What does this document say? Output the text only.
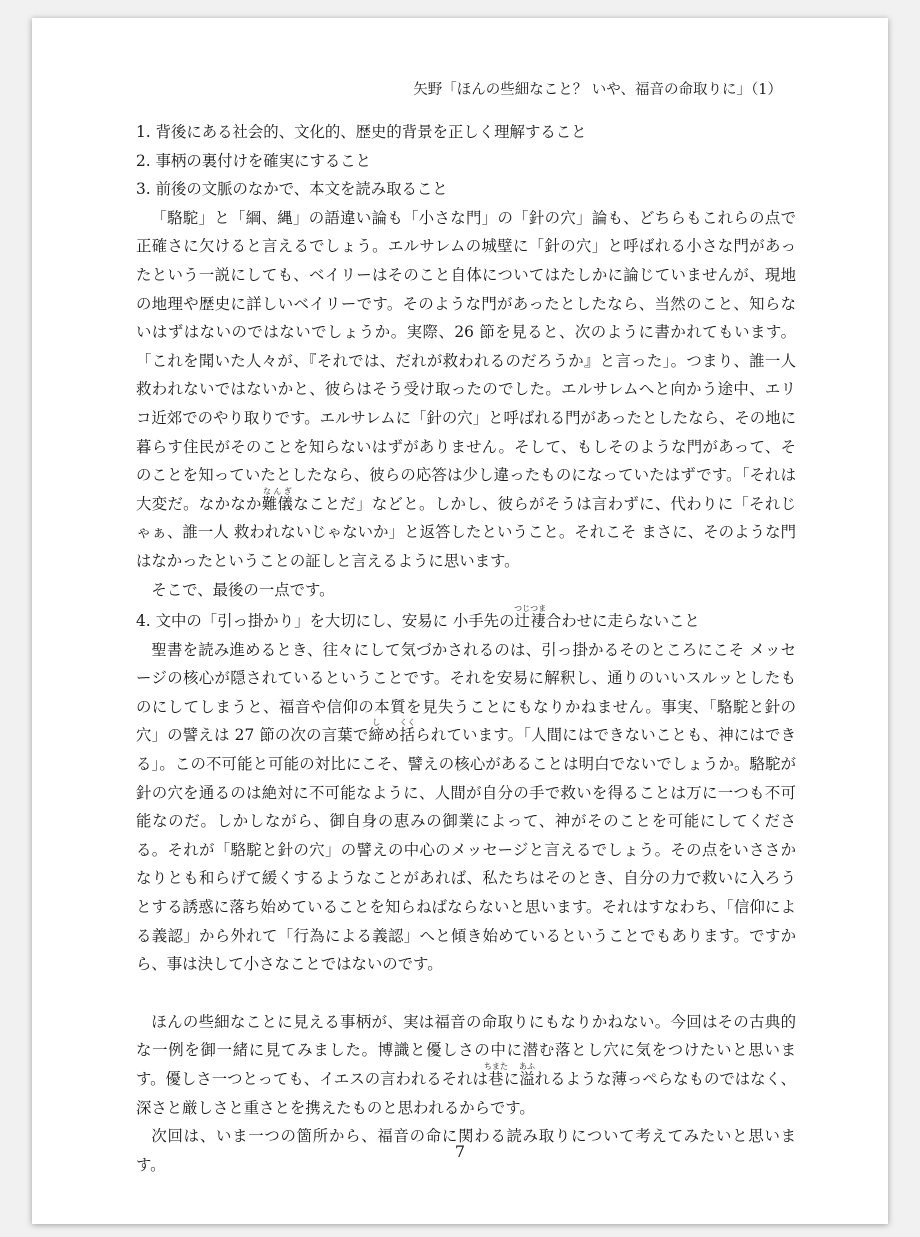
矢野「ほんの些細なこと？ いや、福音の命取りに」（1）

1. 背後にある社会的、文化的、歴史的背景を正しく理解すること

2. 事柄の裏付けを確実にすること

3. 前後の文脈のなかで、本文を読み取ること

「駱駝」と「綱、縄」の語違い論も「小さな門」の「針の穴」論も、どちらもこれらの点で正確さに欠けると言えるでしょう。エルサレムの城壁に「針の穴」と呼ばれる小さな門があったという一説にしても、ベイリーはそのこと自体についてはたしかに論じていませんが、現地の地理や歴史に詳しいベイリーです。そのような門があったとしたなら、当然のこと、知らないはずはないのではないでしょうか。実際、26 節を見ると、次のように書かれてもいます。「これを聞いた人々が、『それでは、だれが救われるのだろうか』と言った」。つまり、誰一人 救われないではないかと、彼らはそう受け取ったのでした。エルサレムへと向かう途中、エリコ近郊でのやり取りです。エルサレムに「針の穴」と呼ばれる門があったとしたなら、その地に暮らす住民がそのことを知らないはずがありません。そして、もしそのような門があって、そのことを知っていたとしたなら、彼らの応答は少し違ったものになっていたはずです。「それは大変だ。なかなか難儀なんぎなことだ」などと。しかし、彼らがそうは言わずに、代わりに「それじゃぁ、誰一人 救われないじゃないか」と返答したということ。それこそ まさに、そのような門はなかったということの証しと言えるように思います。

そこで、最後の一点です。

4. 文中の「引っ掛かり」を大切にし、安易に 小手先の辻褄つじつま合わせに走らないこと

聖書を読み進めるとき、往々にして気づかされるのは、引っ掛かるそのところにこそ メッセージの核心が隠されているということです。それを安易に解釈し、通りのいいスルッとしたものにしてしまうと、福音や信仰の本質を見失うことにもなりかねません。事実、「駱駝と針の穴」の譬えは 27 節の次の言葉で締しめ括くくられています。「人間にはできないことも、神にはできる」。この不可能と可能の対比にこそ、譬えの核心があることは明白でないでしょうか。駱駝が針の穴を通るのは絶対に不可能なように、人間が自分の手で救いを得ることは万に一つも不可能なのだ。しかしながら、御自身の恵みの御業によって、神がそのことを可能にしてくださる。それが「駱駝と針の穴」の譬えの中心のメッセージと言えるでしょう。その点をいささかなりとも和らげて緩くするようなことがあれば、私たちはそのとき、自分の力で救いに入ろうとする誘惑に落ち始めていることを知らねばならないと思います。それはすなわち、「信仰による義認」から外れて「行為による義認」へと傾き始めているということでもあります。ですから、事は決して小さなことではないのです。

ほんの些細なことに見える事柄が、実は福音の命取りにもなりかねない。今回はその古典的な一例を御一緒に見てみました。博識と優しさの中に潜む落とし穴に気をつけたいと思います。優しさ一つとっても、イエスの言われるそれは巷ちまたに溢あふれるような薄っぺらなものではなく、深さと厳しさと重さとを携えたものと思われるからです。

次回は、いま一つの箇所から、福音の命に関わる読み取りについて考えてみたいと思います。

7
